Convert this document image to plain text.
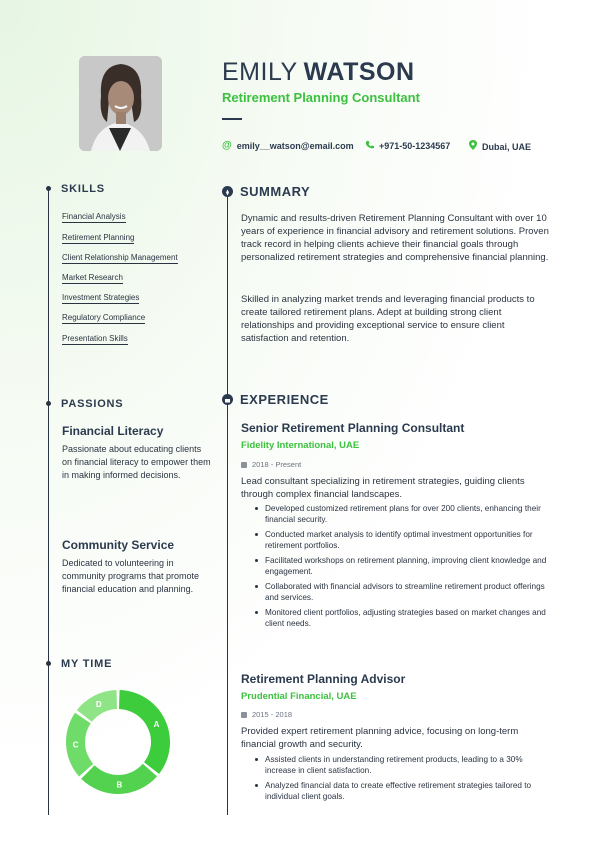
EMILY WATSON
Retirement Planning Consultant
@ emily__watson@email.com	+971-50-1234567	Dubai, UAE
SKILLS
Financial Analysis
Retirement Planning
Client Relationship Management
Market Research
Investment Strategies
Regulatory Compliance
Presentation Skills
PASSIONS
Financial Literacy
Passionate about educating clients on financial literacy to empower them in making informed decisions.
Community Service
Dedicated to volunteering in community programs that promote financial education and planning.
MY TIME
A
B
C
D
SUMMARY
Dynamic and results-driven Retirement Planning Consultant with over 10 years of experience in financial advisory and retirement solutions. Proven track record in helping clients achieve their financial goals through personalized retirement strategies and comprehensive financial planning.
Skilled in analyzing market trends and leveraging financial products to create tailored retirement plans. Adept at building strong client relationships and providing exceptional service to ensure client satisfaction and retention.
EXPERIENCE
Senior Retirement Planning Consultant
Fidelity International, UAE
2018 - Present
Lead consultant specializing in retirement strategies, guiding clients through complex financial landscapes.
Developed customized retirement plans for over 200 clients, enhancing their financial security.
Conducted market analysis to identify optimal investment opportunities for retirement portfolios.
Facilitated workshops on retirement planning, improving client knowledge and engagement.
Collaborated with financial advisors to streamline retirement product offerings and services.
Monitored client portfolios, adjusting strategies based on market changes and client needs.
Retirement Planning Advisor
Prudential Financial, UAE
2015 - 2018
Provided expert retirement planning advice, focusing on long-term financial growth and security.
Assisted clients in understanding retirement products, leading to a 30% increase in client satisfaction.
Analyzed financial data to create effective retirement strategies tailored to individual client goals.
